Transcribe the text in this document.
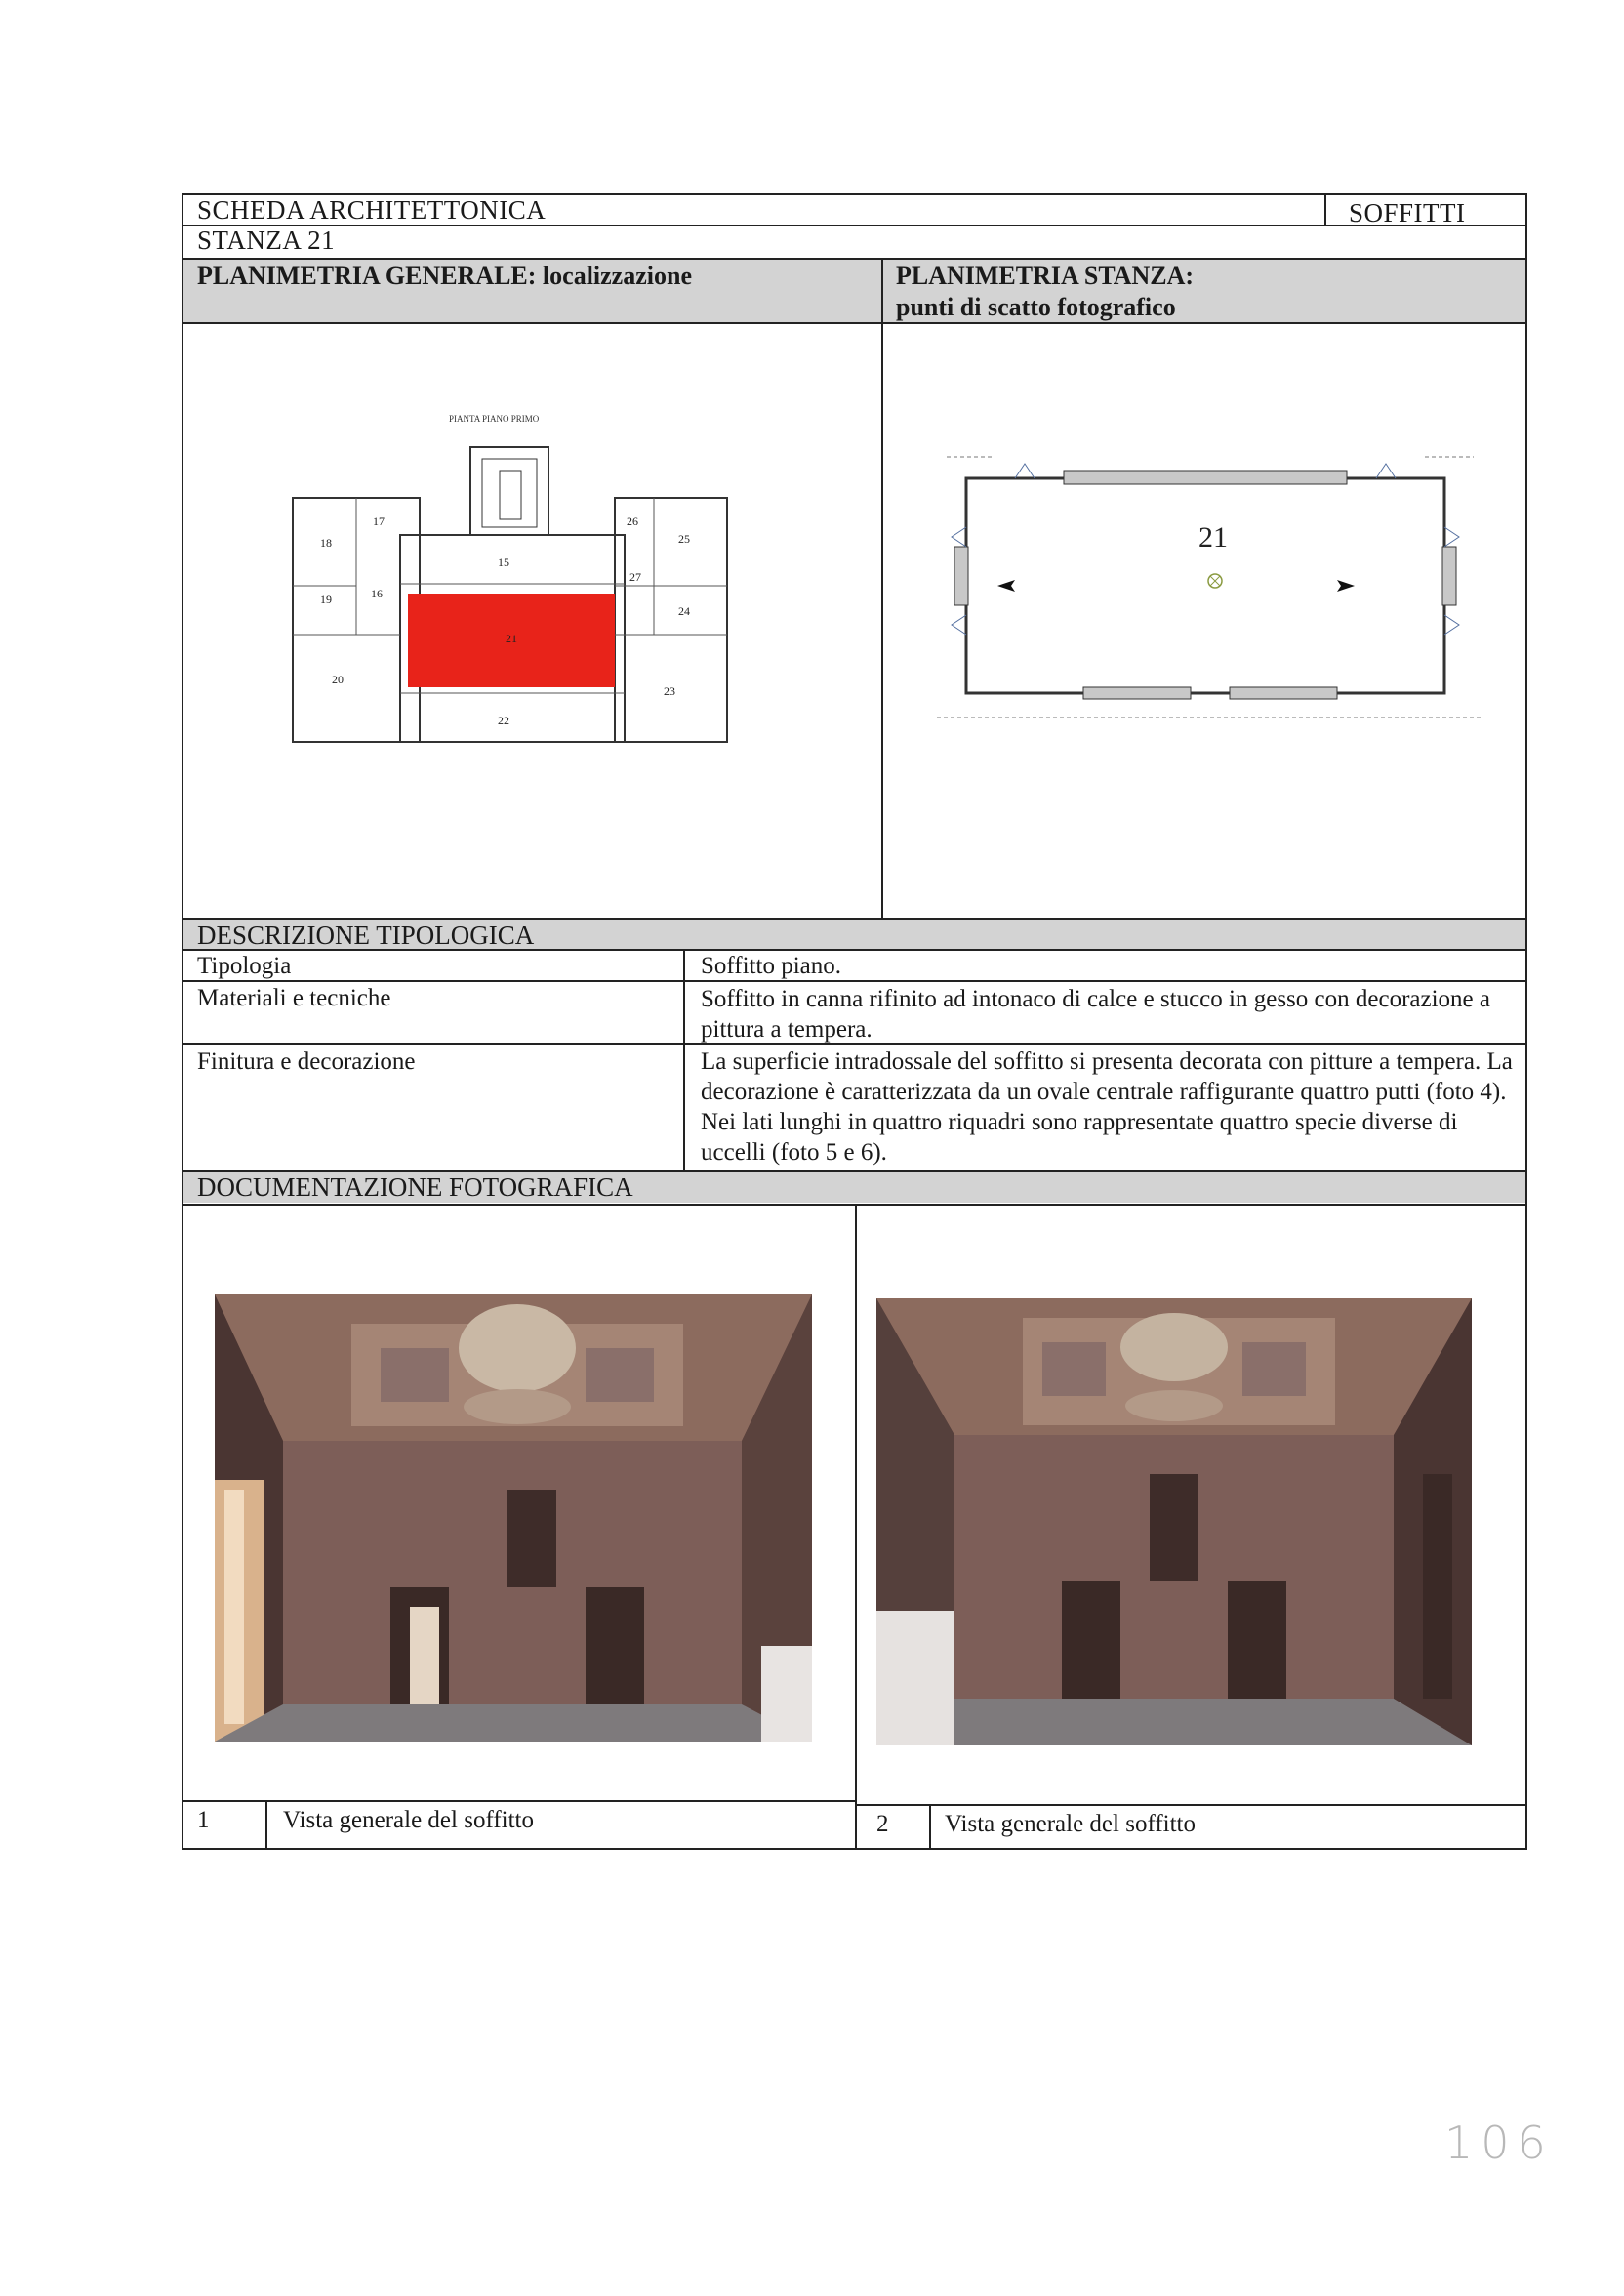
SCHEDA ARCHITETTONICA	SOFFITTI
STANZA 21
PLANIMETRIA GENERALE: localizzazione	PLANIMETRIA STANZA:
punti di scatto fotografico
PIANTA PIANO PRIMO
18
17
15
26
25
27
19	16
24
21
20
23
22
21
DESCRIZIONE TIPOLOGICA
Tipologia	Soffitto piano.
Materiali e tecniche	Soffitto in canna rifinito ad intonaco di calce e stucco in gesso con decorazione a pittura a tempera.
Finitura e decorazione	La superficie intradossale del soffitto si presenta decorata con pitture a tempera. La decorazione è caratterizzata da un ovale centrale raffigurante quattro putti (foto 4). Nei lati lunghi in quattro riquadri sono rappresentate quattro specie diverse di uccelli (foto 5 e 6).
DOCUMENTAZIONE FOTOGRAFICA
1	Vista generale del soffitto	2 Vista generale del soffitto
106
